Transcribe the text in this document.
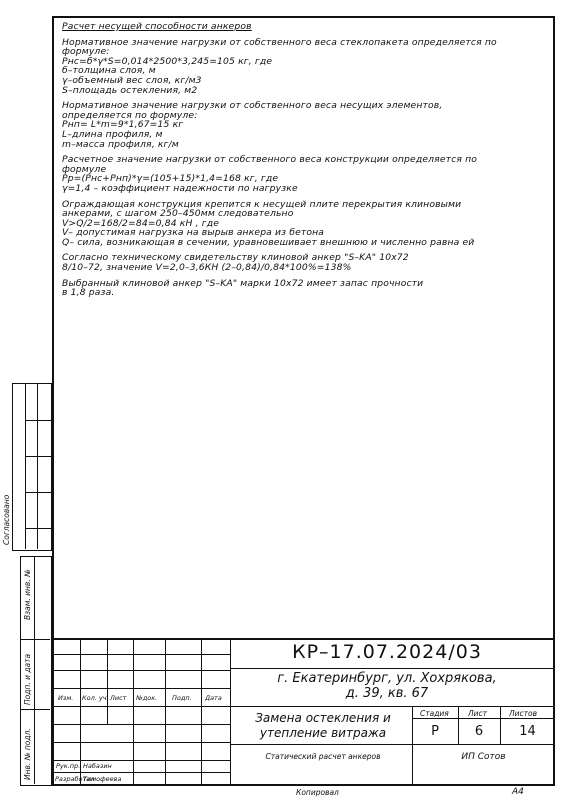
Расчет несущей способности анкеров

Нормативное значение нагрузки от собственного веса стеклопакета определяется по
формуле:
Pнс=б*γ*S=0,014*2500*3,245=105 кг, где
б–толщина слоя, м
γ–объемный вес слоя, кг/м3
S–площадь остекления, м2

Нормативное значение нагрузки от собственного веса несущих элементов,
определяется по формуле:
Pнп= L*m=9*1,67=15 кг
L–длина профиля, м
m–масса профиля, кг/м

Расчетное значение нагрузки от собственного веса конструкции определяется по
формуле
Pр=(Pнс+Pнп)*γ=(105+15)*1,4=168 кг, где
γ=1,4 – коэффициент надежности по нагрузке

Ограждающая конструкция крепится к несущей плите перекрытия клиновыми
анкерами, с шагом 250–450мм следовательно
V>Q/2=168/2=84=0,84 кН , где
V– допустимая нагрузка на вырыв анкера из бетона
Q– сила, возникающая в сечении, уравновешивает внешнюю и численно равна ей

Согласно техническому свидетельству клиновой анкер "S–KA" 10x72
8/10–72, значение V=2,0–3,6КН (2–0,84)/0,84*100%=138%

Выбранный клиновой анкер "S–KA" марки 10x72 имеет запас прочности
в 1,8 раза.

Согласовано
Взам. инв. №
Подп. и дата
Инв. № подл.
Изм. Кол. уч. Лист №док. Подп. Дата
Рук.пр. Набазин
Разработал
Тимофеева
КР–17.07.2024/03
г. Екатеринбург, ул. Хохрякова,
д. 39, кв. 67
Замена остекления и
утепление витража
Статический расчет анкеров
Стадия	Лист	Листов
Р	6	14
ИП Сотов
Копировал	А4
